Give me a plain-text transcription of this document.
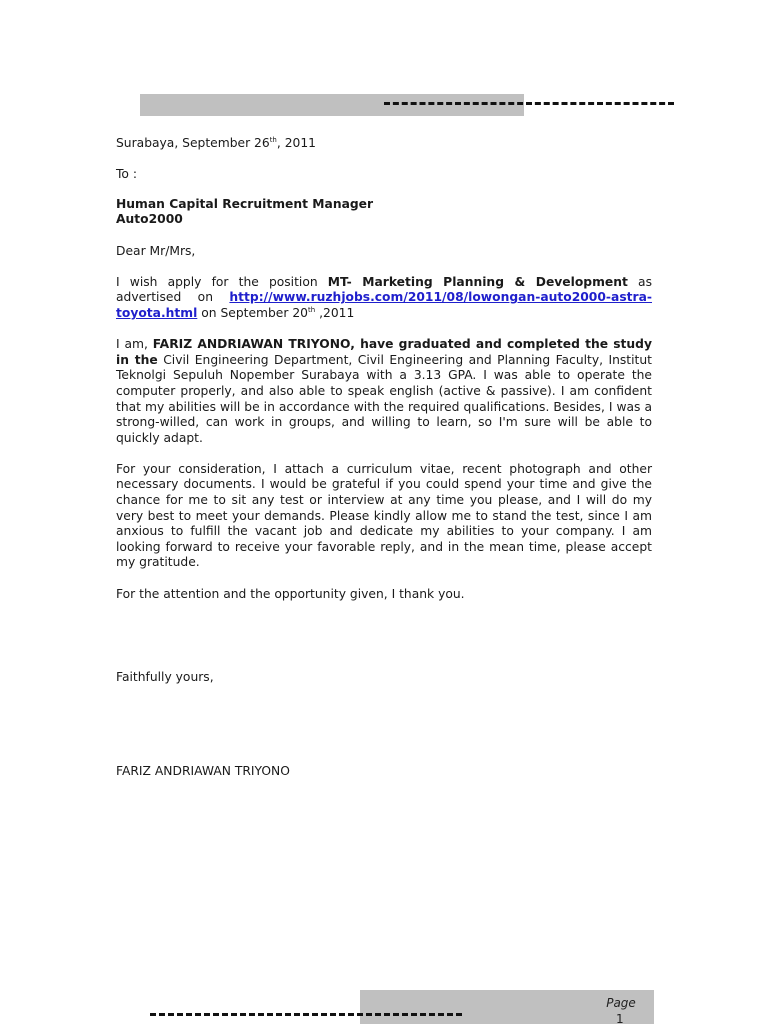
Surabaya, September 26th, 2011

To :

Human Capital Recruitment Manager
Auto2000

Dear Mr/Mrs,

I wish apply for the position MT- Marketing Planning & Development as advertised on http://www.ruzhjobs.com/2011/08/lowongan-auto2000-astra-toyota.html on September 20th ,2011

I am, FARIZ ANDRIAWAN TRIYONO, have graduated and completed the study in the Civil Engineering Department, Civil Engineering and Planning Faculty, Institut Teknolgi Sepuluh Nopember Surabaya with a 3.13 GPA. I was able to operate the computer properly, and also able to speak english (active & passive). I am confident that my abilities will be in accordance with the required qualifications. Besides, I was a strong-willed, can work in groups, and willing to learn, so I'm sure will be able to quickly adapt.

For your consideration, I attach a curriculum vitae, recent photograph and other necessary documents. I would be grateful if you could spend your time and give the chance for me to sit any test or interview at any time you please, and I will do my very best to meet your demands. Please kindly allow me to stand the test, since I am anxious to fulfill the vacant job and dedicate my abilities to your company. I am looking forward to receive your favorable reply, and in the mean time, please accept my gratitude.

For the attention and the opportunity given, I thank you.

Faithfully yours,
FARIZ ANDRIAWAN TRIYONO
Page
1
